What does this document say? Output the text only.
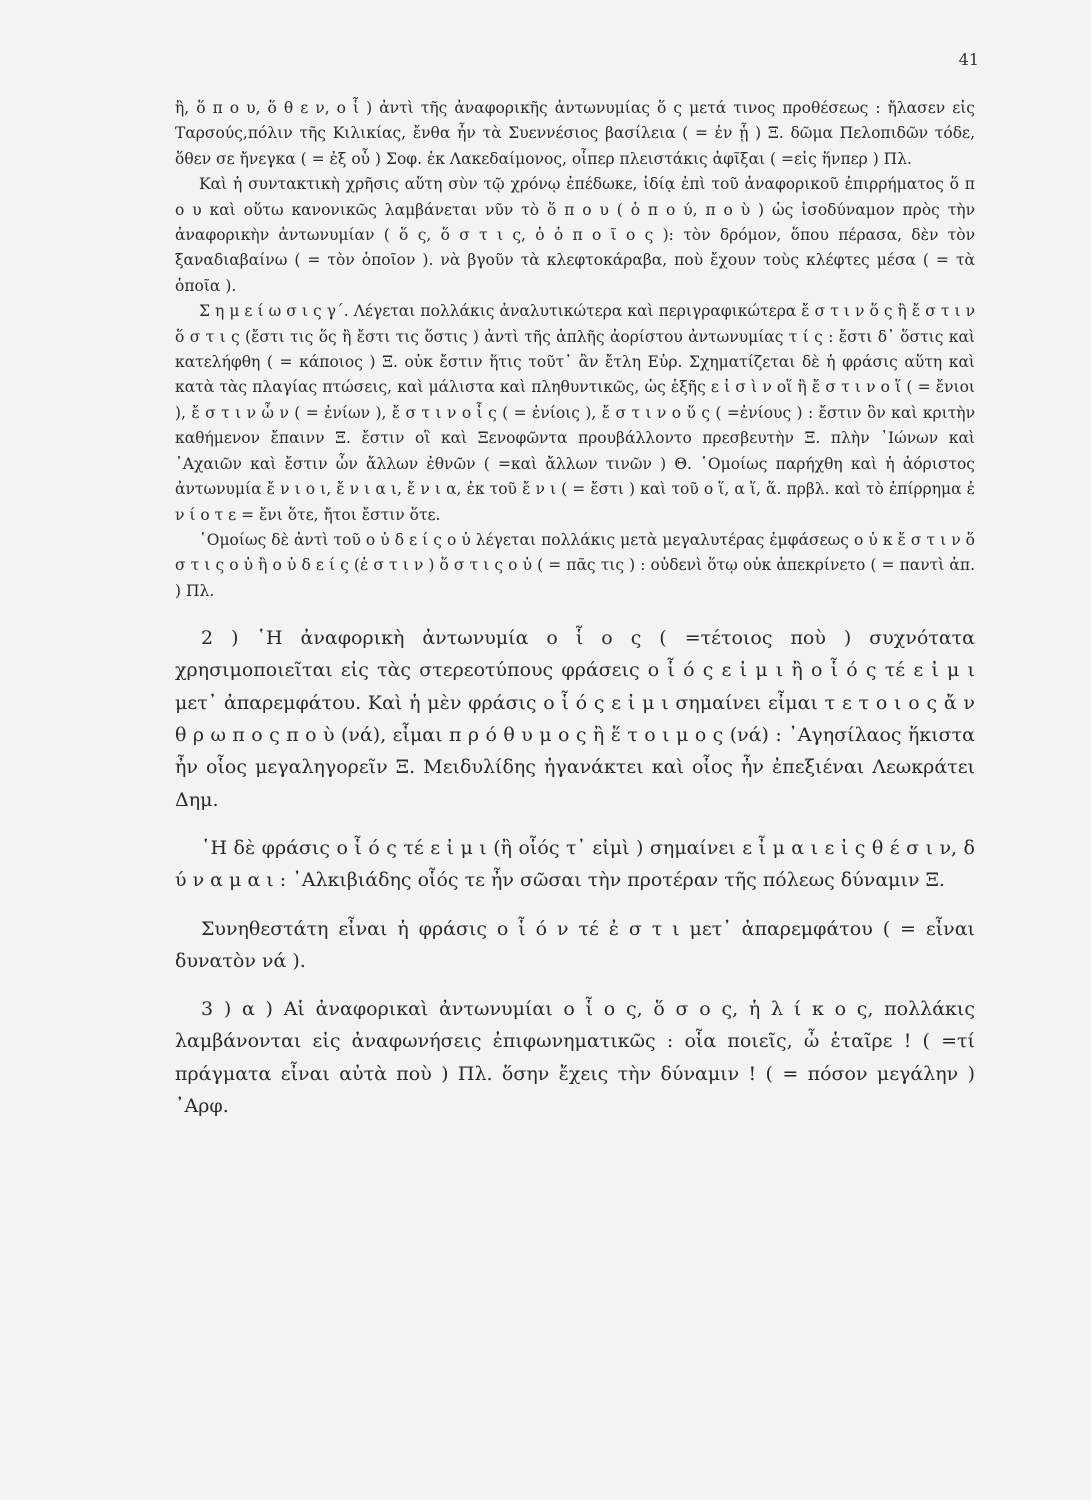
41

ἢ, ὅ π ο υ, ὅ θ ε ν, ο ἷ ) ἀντὶ τῆς ἀναφορικῆς ἀντωνυμίας ὅ ς μετά τινος προθέσεως : ἤλασεν εἰς Ταρσούς,πόλιν τῆς Κιλικίας, ἔνθα ἦν τὰ Συεννέσιος βασίλεια ( = ἐν ᾗ ) Ξ. δῶμα Πελοπιδῶν τόδε, ὅθεν σε ἤνεγκα ( = ἐξ οὗ ) Σοφ. ἐκ Λακεδαίμονος, οἷπερ πλειστάκις ἀφῖξαι ( =εἰς ἥνπερ ) Πλ.

Καὶ ἡ συντακτικὴ χρῆσις αὕτη σὺν τῷ χρόνῳ ἐπέδωκε, ἰδίᾳ ἐπὶ τοῦ ἀναφορικοῦ ἐπιρρήματος ὅ π ο υ καὶ οὕτω κανονικῶς λαμβάνεται νῦν τὸ ὅ π ο υ ( ὁ π ο ύ, π ο ὺ ) ὡς ἰσοδύναμον πρὸς τὴν ἀναφορικὴν ἀντωνυμίαν ( ὅ ς, ὅ σ τ ι ς, ὁ ὁ π ο ῖ ο ς ): τὸν δρόμον, ὅπου πέρασα, δὲν τὸν ξαναδιαβαίνω ( = τὸν ὁποῖον ). νὰ βγοῦν τὰ κλεφτοκάραβα, ποὺ ἔχουν τοὺς κλέφτες μέσα ( = τὰ ὁποῖα ).

Σ η μ ε ί ω σ ι ς γ΄. Λέγεται πολλάκις ἀναλυτικώτερα καὶ περιγραφικώτερα ἔ σ τ ι ν ὅ ς ἢ ἔ σ τ ι ν ὅ σ τ ι ς (ἔστι τις ὅς ἢ ἔστι τις ὅστις ) ἀντὶ τῆς ἁπλῆς ἀορίστου ἀντωνυμίας τ ί ς : ἔστι δ᾽ ὅστις καὶ κατελήφθη ( = κάποιος ) Ξ. οὐκ ἔστιν ἥτις τοῦτ᾽ ἂν ἔτλη Εὐρ. Σχηματίζεται δὲ ἡ φράσις αὕτη καὶ κατὰ τὰς πλαγίας πτώσεις, καὶ μάλιστα καὶ πληθυντικῶς, ὡς ἑξῆς ε ἰ σ ὶ ν οἵ ἢ ἔ σ τ ι ν ο ἵ ( = ἔνιοι ), ἔ σ τ ι ν ὧ ν ( = ἐνίων ), ἔ σ τ ι ν ο ἷ ς ( = ἐνίοις ), ἔ σ τ ι ν ο ὕ ς ( =ἐνίους ) : ἔστιν ὃν καὶ κριτὴν καθήμενον ἔπαινν Ξ. ἔστιν οἳ καὶ Ξενοφῶντα προυβάλλοντο πρεσβευτὴν Ξ. πλὴν ᾿Ιώνων καὶ ᾿Αχαιῶν καὶ ἔστιν ὧν ἄλλων ἐθνῶν ( =καὶ ἄλλων τινῶν ) Θ. ῾Ομοίως παρήχθη καὶ ἡ ἀόριστος ἀντωνυμία ἔ ν ι ο ι, ἔ ν ι α ι, ἔ ν ι α, ἐκ τοῦ ἔ ν ι ( = ἔστι ) καὶ τοῦ ο ἵ, α ἵ, ἅ. πρβλ. καὶ τὸ ἐπίρρημα ἐ ν ί ο τ ε = ἔνι ὅτε, ἤτοι ἔστιν ὅτε.

῾Ομοίως δὲ ἀντὶ τοῦ ο ὐ δ ε ί ς ο ὐ λέγεται πολλάκις μετὰ μεγαλυτέρας ἐμφάσεως ο ὐ κ ἔ σ τ ι ν ὅ σ τ ι ς ο ὐ ἢ ο ὐ δ ε ί ς (ἐ σ τ ι ν ) ὅ σ τ ι ς ο ὐ ( = πᾶς τις ) : οὐδενὶ ὅτῳ οὐκ ἀπεκρίνετο ( = παντὶ ἀπ. ) Πλ.

2 ) ῾Η ἀναφορικὴ ἀντωνυμία ο ἷ ο ς ( =τέτοιος ποὺ ) συχνότατα χρησιμοποιεῖται εἰς τὰς στερεοτύπους φράσεις ο ἷ ό ς ε ἰ μ ι ἢ ο ἷ ό ς τέ ε ἰ μ ι μετ᾽ ἀπαρεμφάτου. Καὶ ἡ μὲν φράσις ο ἷ ό ς ε ἰ μ ι σημαίνει εἶμαι τ ε τ ο ι ο ς ἄ ν θ ρ ω π ο ς π ο ὺ (νά), εἶμαι π ρ ό θ υ μ ο ς ἢ ἕ τ ο ι μ ο ς (νά) : ᾿Αγησίλαος ἥκιστα ἦν οἷος μεγαληγορεῖν Ξ. Μειδυλίδης ἠγανάκτει καὶ οἷος ἦν ἐπεξιέναι Λεωκράτει Δημ.

῾Η δὲ φράσις ο ἷ ό ς τέ ε ἰ μ ι (ἢ οἷός τ᾽ εἰμὶ ) σημαίνει ε ἶ μ α ι ε ἰ ς θ έ σ ι ν, δ ύ ν α μ α ι : ᾿Αλκιβιάδης οἷός τε ἦν σῶσαι τὴν προτέραν τῆς πόλεως δύναμιν Ξ.

Συνηθεστάτη εἶναι ἡ φράσις ο ἷ ό ν τέ ἐ σ τ ι μετ᾽ ἀπαρεμφάτου ( = εἶναι δυνατὸν νά ).

3 ) α ) Αἱ ἀναφορικαὶ ἀντωνυμίαι ο ἷ ο ς, ὅ σ ο ς, ἡ λ ί κ ο ς, πολλάκις λαμβάνονται εἰς ἀναφωνήσεις ἐπιφωνηματικῶς : οἷα ποιεῖς, ὦ ἑταῖρε ! ( =τί πράγματα εἶναι αὐτὰ ποὺ ) Πλ. ὅσην ἔχεις τὴν δύναμιν ! ( = πόσον μεγάλην ) ᾿Αρφ.
